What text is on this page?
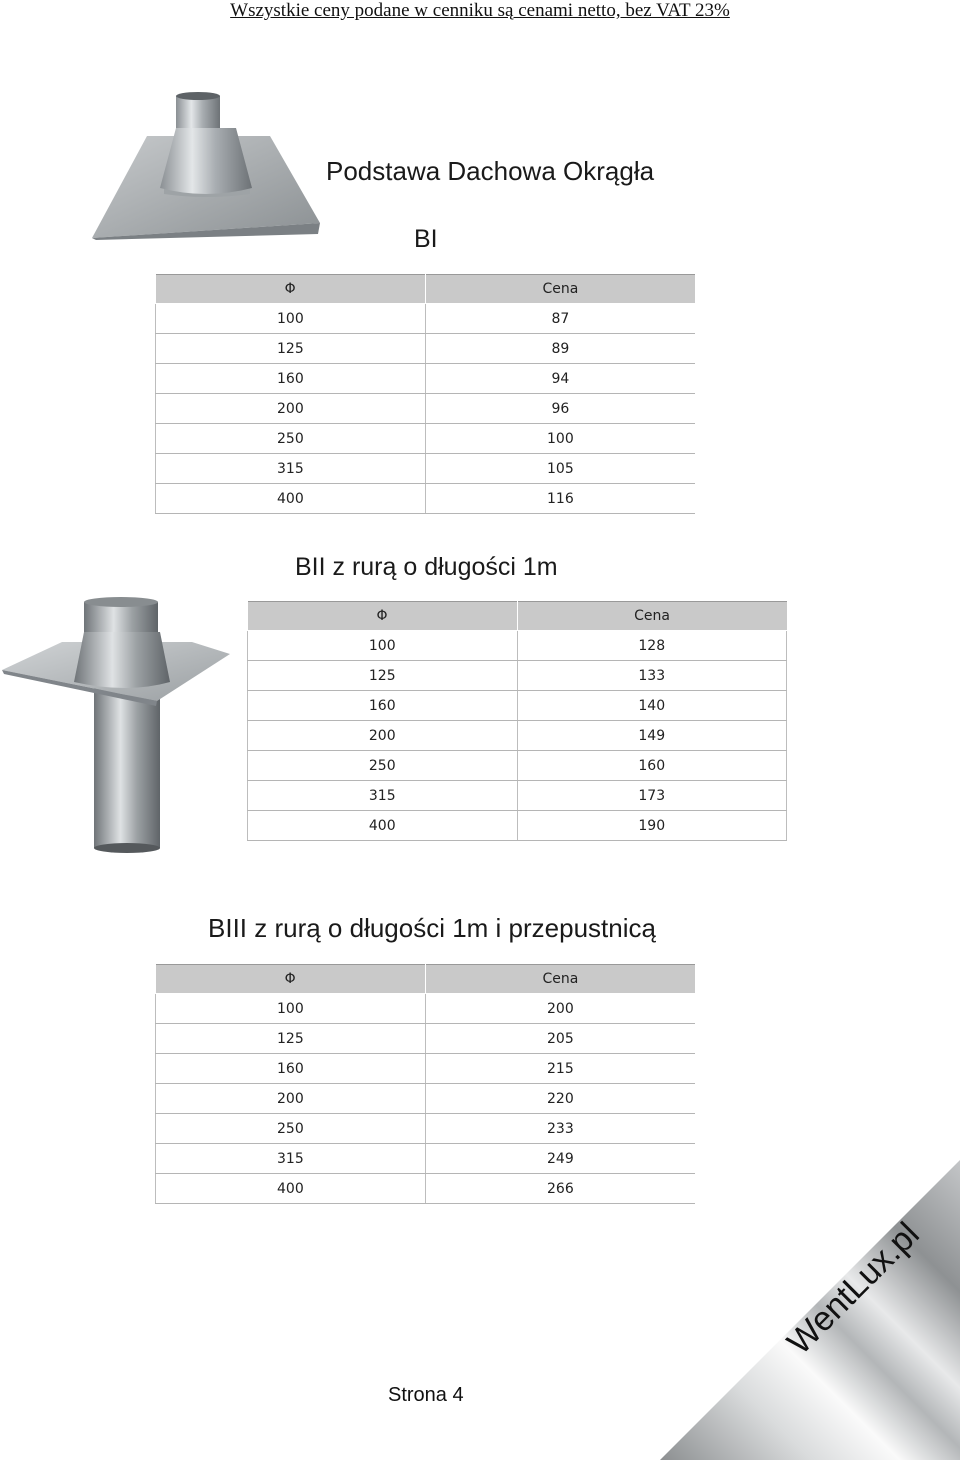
Wszystkie ceny podane w cenniku są cenami netto, bez VAT 23%
Podstawa Dachowa Okrągła
BI
Φ	Cena
100	87
125	89
160	94
200	96
250	100
315	105
400	116
BII z rurą o długości 1m
Φ	Cena
100	128
125	133
160	140
200	149
250	160
315	173
400	190
BIII z rurą o długości 1m i przepustnicą
Φ	Cena
100	200
125	205
160	215
200	220
250	233
315	249
400	266
WentLux.pl
Strona 4
